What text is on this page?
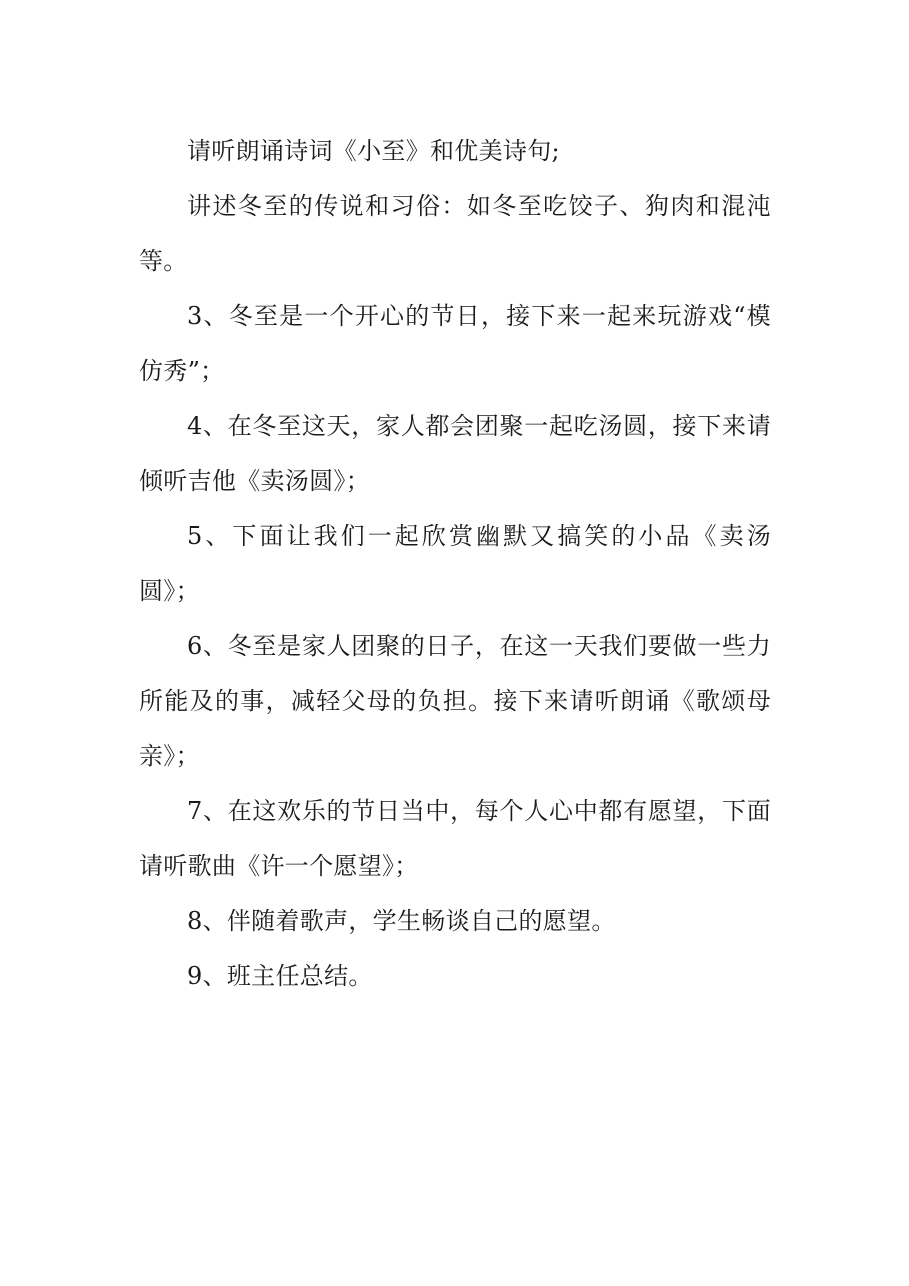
请听朗诵诗词《小至》和优美诗句;

讲述冬至的传说和习俗：如冬至吃饺子、狗肉和混沌等。

3、冬至是一个开心的节日，接下来一起来玩游戏“模仿秀”；

4、在冬至这天，家人都会团聚一起吃汤圆，接下来请倾听吉他《卖汤圆》；

5、下面让我们一起欣赏幽默又搞笑的小品《卖汤圆》；

6、冬至是家人团聚的日子，在这一天我们要做一些力所能及的事，减轻父母的负担。接下来请听朗诵《歌颂母亲》；

7、在这欢乐的节日当中，每个人心中都有愿望，下面请听歌曲《许一个愿望》；

8、伴随着歌声，学生畅谈自己的愿望。

9、班主任总结。
